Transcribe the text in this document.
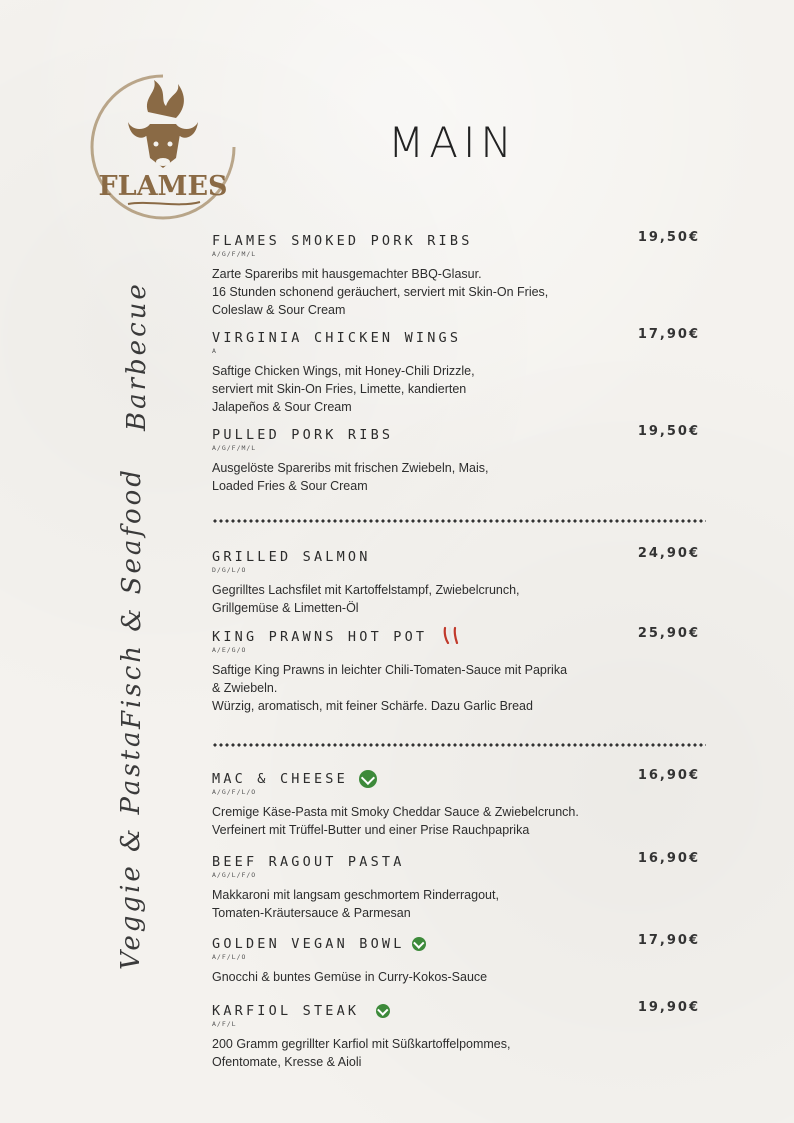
FLAMES
MAIN
Barbecue
Fisch & Seafood
Veggie & Pasta
FLAMES SMOKED PORK RIBS	19,50€
A/G/F/M/L
Zarte Spareribs mit hausgemachter BBQ-Glasur.
16 Stunden schonend geräuchert, serviert mit Skin-On Fries,
Coleslaw & Sour Cream
VIRGINIA CHICKEN WINGS	17,90€
A
Saftige Chicken Wings, mit Honey-Chili Drizzle,
serviert mit Skin-On Fries, Limette, kandierten
Jalapeños & Sour Cream
PULLED PORK RIBS	19,50€
A/G/F/M/L
Ausgelöste Spareribs mit frischen Zwiebeln, Mais,
Loaded Fries & Sour Cream
GRILLED SALMON	24,90€
D/G/L/O
Gegrilltes Lachsfilet mit Kartoffelstampf, Zwiebelcrunch,
Grillgemüse & Limetten-Öl
KING PRAWNS HOT POT	25,90€
A/E/G/O
Saftige King Prawns in leichter Chili-Tomaten-Sauce mit Paprika
& Zwiebeln.
Würzig, aromatisch, mit feiner Schärfe. Dazu Garlic Bread
MAC & CHEESE	16,90€
A/G/F/L/O
Cremige Käse-Pasta mit Smoky Cheddar Sauce & Zwiebelcrunch.
Verfeinert mit Trüffel-Butter und einer Prise Rauchpaprika
BEEF RAGOUT PASTA	16,90€
A/G/L/F/O
Makkaroni mit langsam geschmortem Rinderragout,
Tomaten-Kräutersauce & Parmesan
GOLDEN VEGAN BOWL	17,90€
A/F/L/O
Gnocchi & buntes Gemüse in Curry-Kokos-Sauce
KARFIOL STEAK	19,90€
A/F/L
200 Gramm gegrillter Karfiol mit Süßkartoffelpommes,
Ofentomate, Kresse & Aioli
